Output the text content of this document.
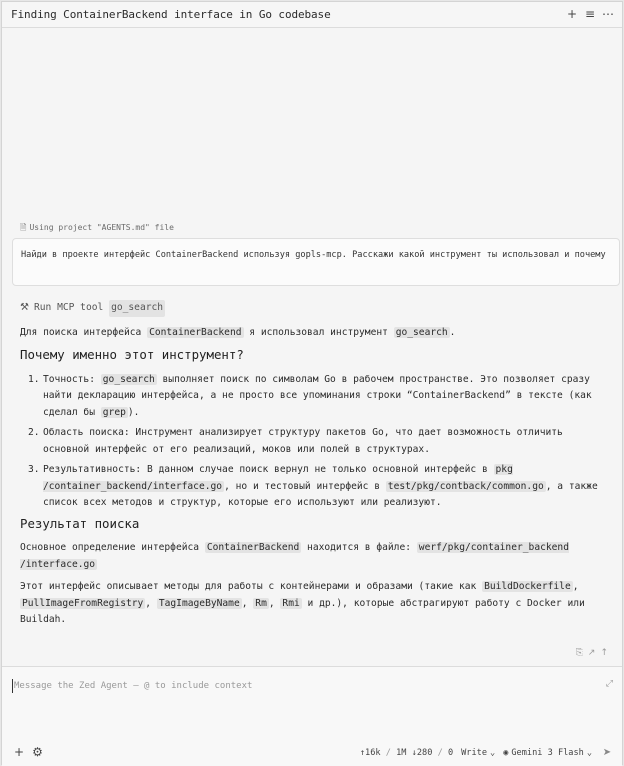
Finding ContainerBackend interface in Go codebase	+ ≡ ⋯
🗎 Using project "AGENTS.md" file
Найди в проекте интерфейс ContainerBackend используя gopls-mcp. Расскажи какой инструмент ты использовал и почему
⚒ Run MCP tool
go_search

Для поиска интерфейса ContainerBackend я использовал инструмент go_search .

Почему именно этот инструмент?
1. Точность: go_search выполняет поиск по символам Go в рабочем пространстве. Это позволяет сразу найти декларацию интерфейса, а не просто все упоминания строки “ContainerBackend” в тексте (как сделал бы grep ).
2. Область поиска: Инструмент анализирует структуру пакетов Go, что дает возможность отличить основной интерфейс от его реализаций, моков или полей в структурах.
3. Результативность: В данном случае поиск вернул не только основной интерфейс в pkg /container_backend/interface.go , но и тестовый интерфейс в test/pkg/contback/common.go , а также список всех методов и структур, которые его используют или реализуют.
Результат поиска

Основное определение интерфейса ContainerBackend находится в файле: werf/pkg/container_backend /interface.go

Этот интерфейс описывает методы для работы с контейнерами и образами (такие как BuildDockerfile , PullImageFromRegistry , TagImageByName , Rm , Rmi и др.), которые абстрагируют работу с Docker или Buildah.

⎘ ↗ ↑
Message the Zed Agent — @ to include context
⤢
+ ⚙	↑16k / 1M ↓280 / 0 Write ⌄ ◉ Gemini 3 Flash ⌄ ➤
